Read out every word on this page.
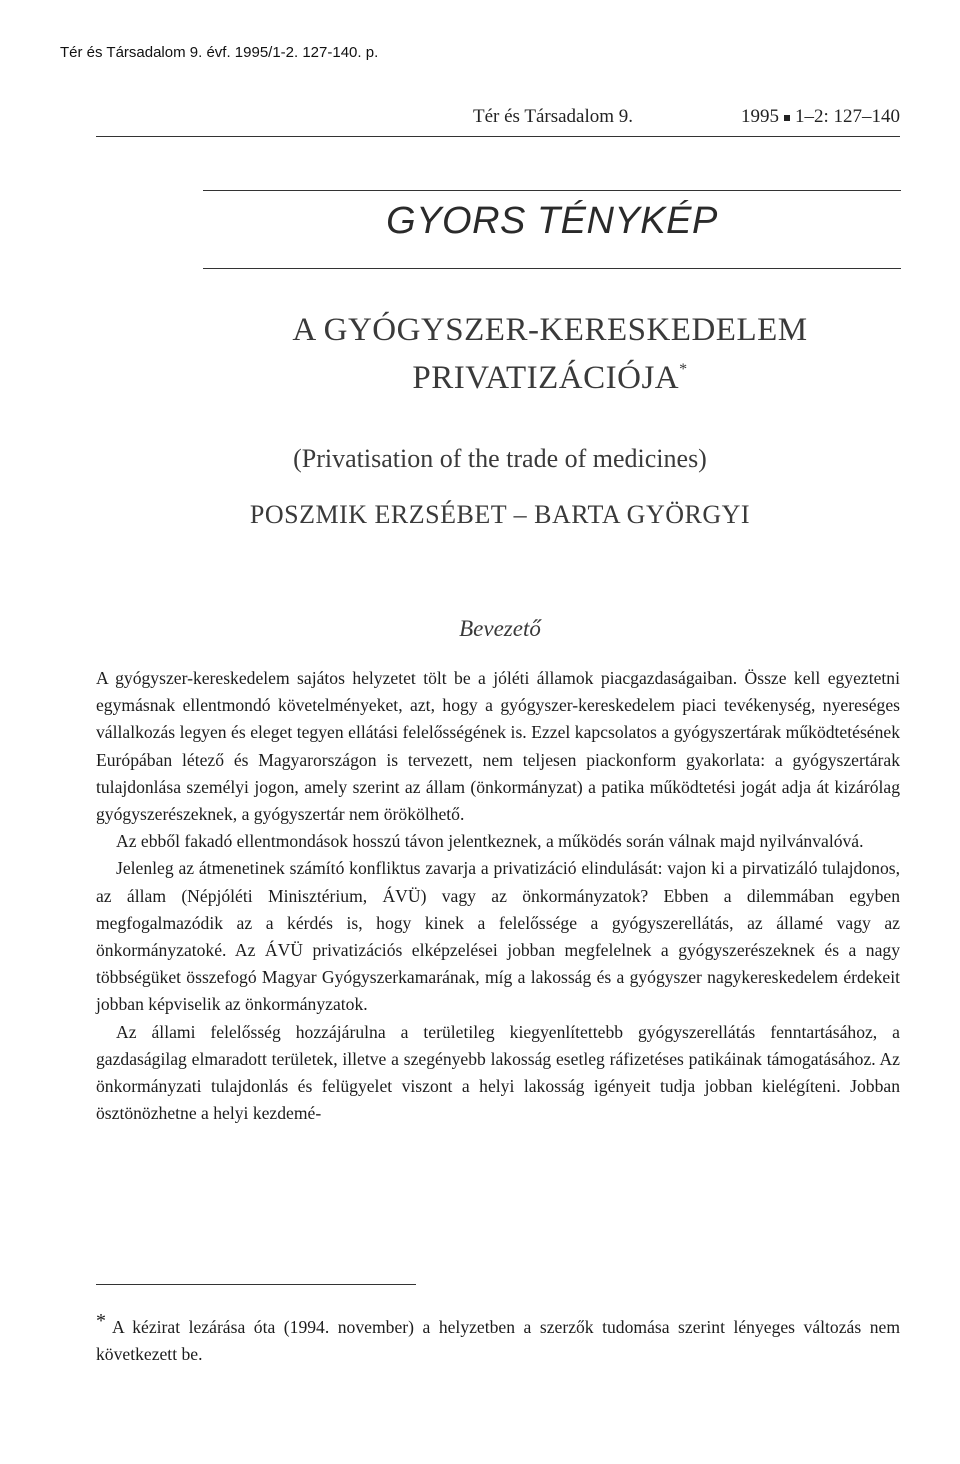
Tér és Társadalom 9. évf. 1995/1-2. 127-140. p.
Tér és Társadalom 9.	1995 1–2: 127–140
GYORS TÉNYKÉP
A GYÓGYSZER-KERESKEDELEM
PRIVATIZÁCIÓJA*
(Privatisation of the trade of medicines)
POSZMIK ERZSÉBET – BARTA GYÖRGYI
Bevezető

A gyógyszer-kereskedelem sajátos helyzetet tölt be a jóléti államok piacgazdaságaiban. Össze kell egyeztetni egymásnak ellentmondó követelményeket, azt, hogy a gyógyszer-kereskedelem piaci tevékenység, nyereséges vállalkozás legyen és eleget tegyen ellátási felelősségének is. Ezzel kapcsolatos a gyógyszertárak működtetésének Európában létező és Magyarországon is tervezett, nem teljesen piackonform gyakorlata: a gyógyszertárak tulajdonlása személyi jogon, amely szerint az állam (önkormányzat) a patika működtetési jogát adja át kizárólag gyógyszerészeknek, a gyógyszertár nem örökölhető.

Az ebből fakadó ellentmondások hosszú távon jelentkeznek, a működés során válnak majd nyilvánvalóvá.

Jelenleg az átmenetinek számító konfliktus zavarja a privatizáció elindulását: vajon ki a pirvatizáló tulajdonos, az állam (Népjóléti Minisztérium, ÁVÜ) vagy az önkormányzatok? Ebben a dilemmában egyben megfogalmazódik az a kérdés is, hogy kinek a felelőssége a gyógyszerellátás, az államé vagy az önkormányzatoké. Az ÁVÜ privatizációs elképzelései jobban megfelelnek a gyógyszerészeknek és a nagy többségüket összefogó Magyar Gyógyszerkamarának, míg a lakosság és a gyógyszer nagykereskedelem érdekeit jobban képviselik az önkormányzatok.

Az állami felelősség hozzájárulna a területileg kiegyenlítettebb gyógyszerellátás fenntartásához, a gazdaságilag elmaradott területek, illetve a szegényebb lakosság esetleg ráfizetéses patikáinak támogatásához. Az önkormányzati tulajdonlás és felügyelet viszont a helyi lakosság igényeit tudja jobban kielégíteni. Jobban ösztönözhetne a helyi kezdemé-

* A kézirat lezárása óta (1994. november) a helyzetben a szerzők tudomása szerint lényeges változás nem következett be.
